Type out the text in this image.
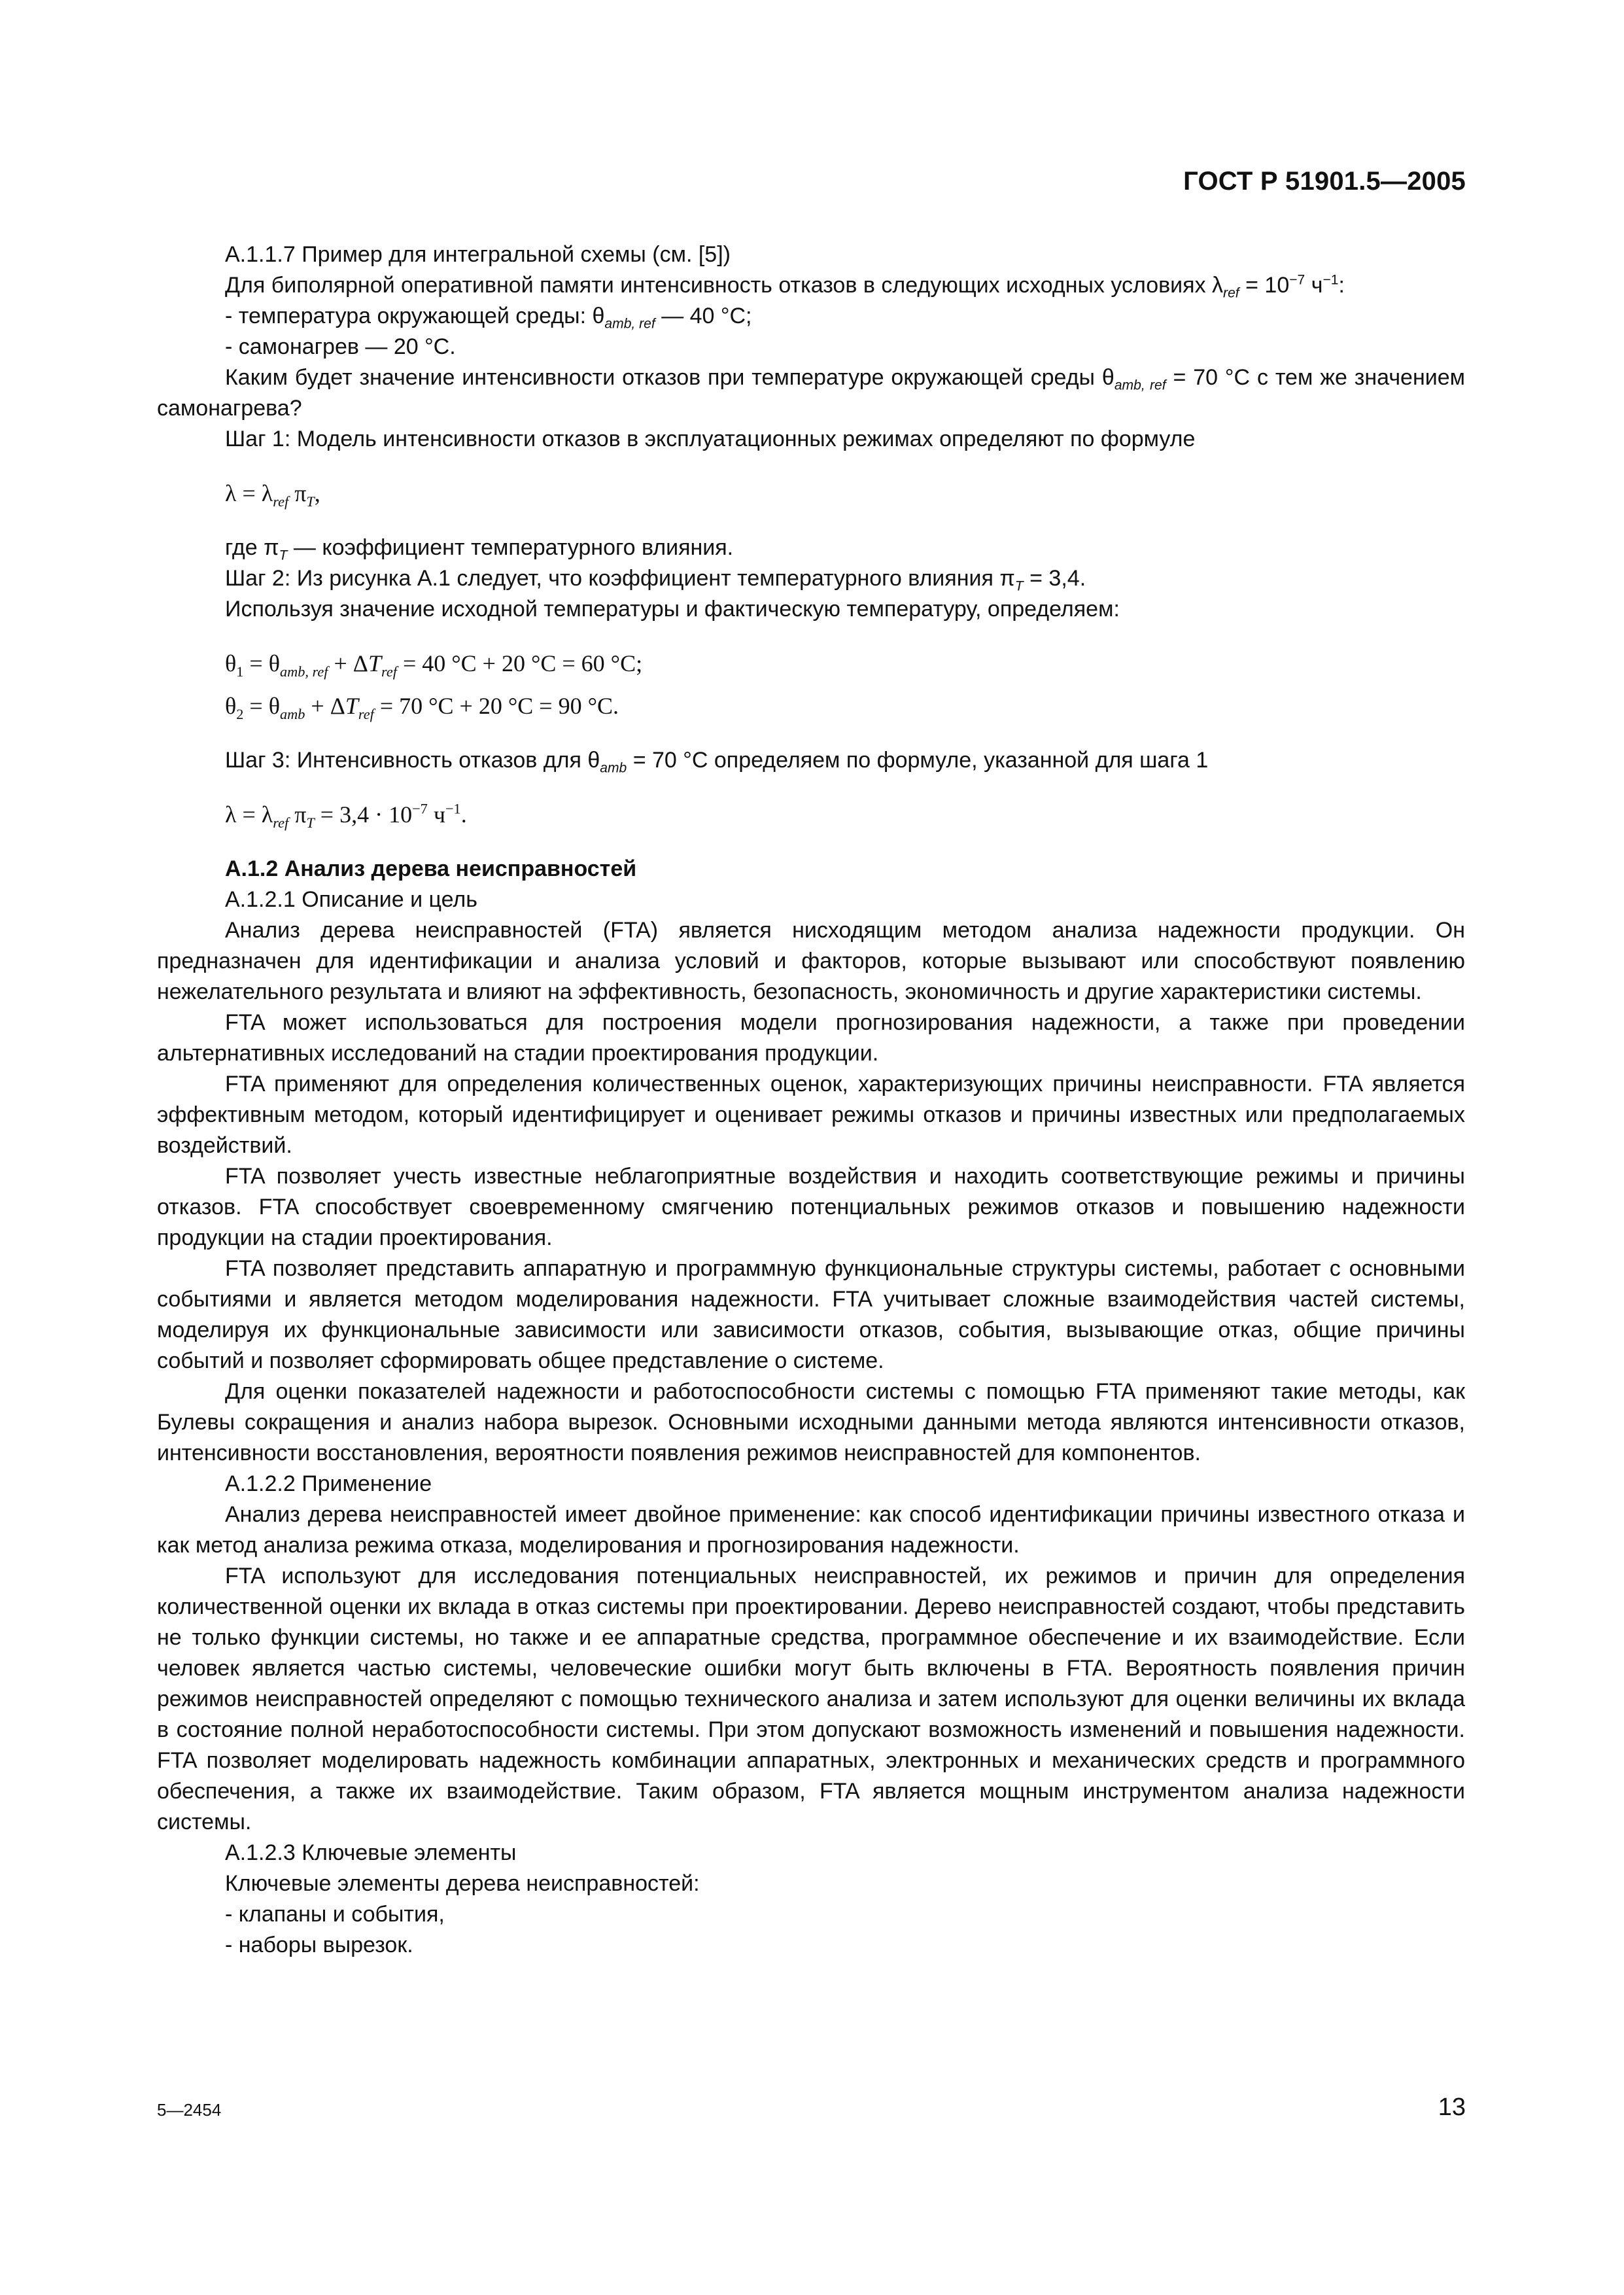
ГОСТ Р 51901.5—2005

А.1.1.7 Пример для интегральной схемы (см. [5])

Для биполярной оперативной памяти интенсивность отказов в следующих исходных условиях $\lambda_{ref} = 10^{-7}$ $ч^{-1}$:

- температура окружающей среды: $\theta_{amb, ref}$ — 40 °С;

- самонагрев — 20 °С.

Каким будет значение интенсивности отказов при температуре окружающей среды $\theta_{amb, ref} = 70$ °С с тем же значением самонагрева?

Шаг 1: Модель интенсивности отказов в эксплуатационных режимах определяют по формуле

$\lambda = \lambda_{ref}$ $\pi_T$,

где $\pi_T$ — коэффициент температурного влияния.

Шаг 2: Из рисунка А.1 следует, что коэффициент температурного влияния $\pi_T = 3,4$.

Используя значение исходной температуры и фактическую температуру, определяем:

$\theta_1 = \theta_{amb, ref} + \Delta T_{ref} = 40$ °С + 20 °С = 60 °С;

$\theta_2 = \theta_{amb} + \Delta T_{ref} = 70$ °С + 20 °С = 90 °С.

Шаг 3: Интенсивность отказов для $\theta_{amb} = 70$ °С определяем по формуле, указанной для шага 1

$\lambda = \lambda_{ref}$ $\pi_T = 3,4 \cdot 10^{-7}$ $ч^{-1}$.

А.1.2 Анализ дерева неисправностей

А.1.2.1 Описание и цель

Анализ дерева неисправностей (FTA) является нисходящим методом анализа надежности продукции. Он предназначен для идентификации и анализа условий и факторов, которые вызывают или способствуют появлению нежелательного результата и влияют на эффективность, безопасность, экономичность и другие характеристики системы.

FTA может использоваться для построения модели прогнозирования надежности, а также при проведении альтернативных исследований на стадии проектирования продукции.

FTA применяют для определения количественных оценок, характеризующих причины неисправности. FTA является эффективным методом, который идентифицирует и оценивает режимы отказов и причины известных или предполагаемых воздействий.

FTA позволяет учесть известные неблагоприятные воздействия и находить соответствующие режимы и причины отказов. FTA способствует своевременному смягчению потенциальных режимов отказов и повышению надежности продукции на стадии проектирования.

FTA позволяет представить аппаратную и программную функциональные структуры системы, работает с основными событиями и является методом моделирования надежности. FTA учитывает сложные взаимодействия частей системы, моделируя их функциональные зависимости или зависимости отказов, события, вызывающие отказ, общие причины событий и позволяет сформировать общее представление о системе.

Для оценки показателей надежности и работоспособности системы с помощью FTA применяют такие методы, как Булевы сокращения и анализ набора вырезок. Основными исходными данными метода являются интенсивности отказов, интенсивности восстановления, вероятности появления режимов неисправностей для компонентов.

А.1.2.2 Применение

Анализ дерева неисправностей имеет двойное применение: как способ идентификации причины известного отказа и как метод анализа режима отказа, моделирования и прогнозирования надежности.

FTA используют для исследования потенциальных неисправностей, их режимов и причин для определения количественной оценки их вклада в отказ системы при проектировании. Дерево неисправностей создают, чтобы представить не только функции системы, но также и ее аппаратные средства, программное обеспечение и их взаимодействие. Если человек является частью системы, человеческие ошибки могут быть включены в FTA. Вероятность появления причин режимов неисправностей определяют с помощью технического анализа и затем используют для оценки величины их вклада в состояние полной неработоспособности системы. При этом допускают возможность изменений и повышения надежности. FTA позволяет моделировать надежность комбинации аппаратных, электронных и механических средств и программного обеспечения, а также их взаимодействие. Таким образом, FTA является мощным инструментом анализа надежности системы.

А.1.2.3 Ключевые элементы

Ключевые элементы дерева неисправностей:

- клапаны и события,

- наборы вырезок.

5—2454	13
